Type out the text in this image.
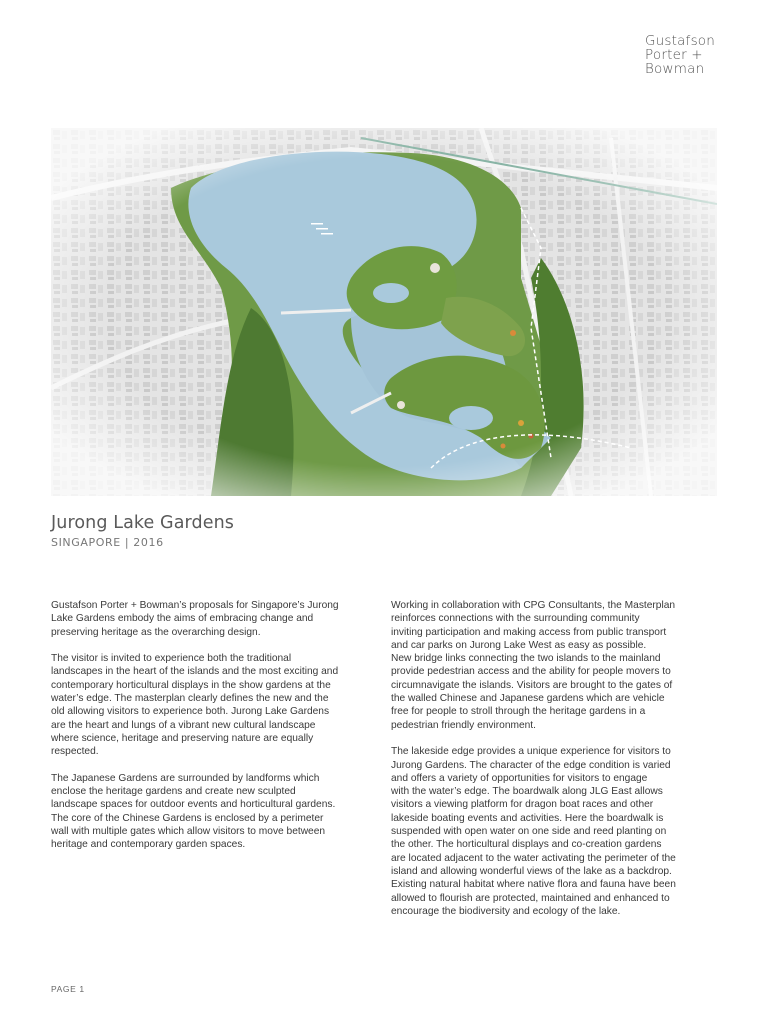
Gustafson
Porter +
Bowman
Jurong Lake Gardens

SINGAPORE | 2016

Gustafson Porter + Bowman’s proposals for Singapore’s Jurong
Lake Gardens embody the aims of embracing change and
preserving heritage as the overarching design.

The visitor is invited to experience both the traditional
landscapes in the heart of the islands and the most exciting and
contemporary horticultural displays in the show gardens at the
water’s edge. The masterplan clearly defines the new and the
old allowing visitors to experience both. Jurong Lake Gardens
are the heart and lungs of a vibrant new cultural landscape
where science, heritage and preserving nature are equally
respected.

The Japanese Gardens are surrounded by landforms which
enclose the heritage gardens and create new sculpted
landscape spaces for outdoor events and horticultural gardens.
The core of the Chinese Gardens is enclosed by a perimeter
wall with multiple gates which allow visitors to move between
heritage and contemporary garden spaces.

Working in collaboration with CPG Consultants, the Masterplan
reinforces connections with the surrounding community
inviting participation and making access from public transport
and car parks on Jurong Lake West as easy as possible.
New bridge links connecting the two islands to the mainland
provide pedestrian access and the ability for people movers to
circumnavigate the islands. Visitors are brought to the gates of
the walled Chinese and Japanese gardens which are vehicle
free for people to stroll through the heritage gardens in a
pedestrian friendly environment.

The lakeside edge provides a unique experience for visitors to
Jurong Gardens. The character of the edge condition is varied
and offers a variety of opportunities for visitors to engage
with the water’s edge. The boardwalk along JLG East allows
visitors a viewing platform for dragon boat races and other
lakeside boating events and activities. Here the boardwalk is
suspended with open water on one side and reed planting on
the other. The horticultural displays and co-creation gardens
are located adjacent to the water activating the perimeter of the
island and allowing wonderful views of the lake as a backdrop.
Existing natural habitat where native flora and fauna have been
allowed to flourish are protected, maintained and enhanced to
encourage the biodiversity and ecology of the lake.

PAGE 1
